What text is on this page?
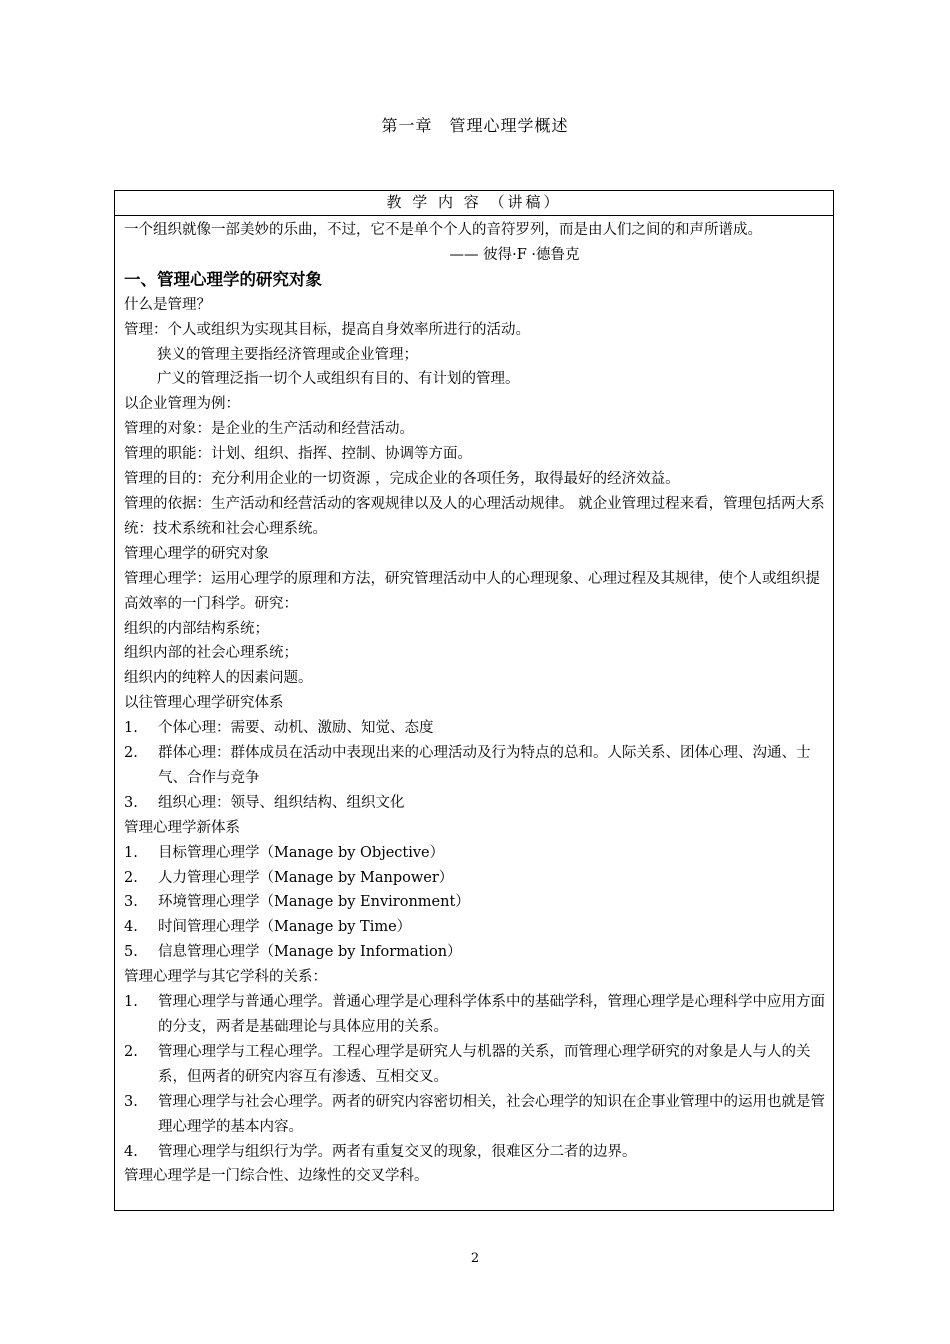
第一章　管理心理学概述
教 学 内 容 （讲稿）
一个组织就像一部美妙的乐曲，不过，它不是单个个人的音符罗列，而是由人们之间的和声所谱成。
—— 彼得·F ·德鲁克
一、管理心理学的研究对象
什么是管理？
管理：个人或组织为实现其目标，提高自身效率所进行的活动。
狭义的管理主要指经济管理或企业管理；
广义的管理泛指一切个人或组织有目的、有计划的管理。
以企业管理为例：
管理的对象：是企业的生产活动和经营活动。
管理的职能：计划、组织、指挥、控制、协调等方面。
管理的目的：充分利用企业的一切资源 ，完成企业的各项任务，取得最好的经济效益。
管理的依据：生产活动和经营活动的客观规律以及人的心理活动规律。 就企业管理过程来看，管理包括两大系统：技术系统和社会心理系统。
管理心理学的研究对象
管理心理学：运用心理学的原理和方法，研究管理活动中人的心理现象、心理过程及其规律，使个人或组织提高效率的一门科学。研究：
组织的内部结构系统；
组织内部的社会心理系统；
组织内的纯粹人的因素问题。
以往管理心理学研究体系
1.	个体心理：需要、动机、激励、知觉、态度
2.	群体心理：群体成员在活动中表现出来的心理活动及行为特点的总和。人际关系、团体心理、沟通、士气、合作与竞争
3.	组织心理：领导、组织结构、组织文化
管理心理学新体系
1.	目标管理心理学（Manage by Objective）
2.	人力管理心理学（Manage by Manpower）
3.	环境管理心理学（Manage by Environment）
4.	时间管理心理学（Manage by Time）
5.	信息管理心理学（Manage by Information）
管理心理学与其它学科的关系：
1.	管理心理学与普通心理学。普通心理学是心理科学体系中的基础学科，管理心理学是心理科学中应用方面的分支，两者是基础理论与具体应用的关系。
2.	管理心理学与工程心理学。工程心理学是研究人与机器的关系，而管理心理学研究的对象是人与人的关系，但两者的研究内容互有渗透、互相交叉。
3.	管理心理学与社会心理学。两者的研究内容密切相关，社会心理学的知识在企事业管理中的运用也就是管理心理学的基本内容。
4.	管理心理学与组织行为学。两者有重复交叉的现象，很难区分二者的边界。
管理心理学是一门综合性、边缘性的交叉学科。
2
